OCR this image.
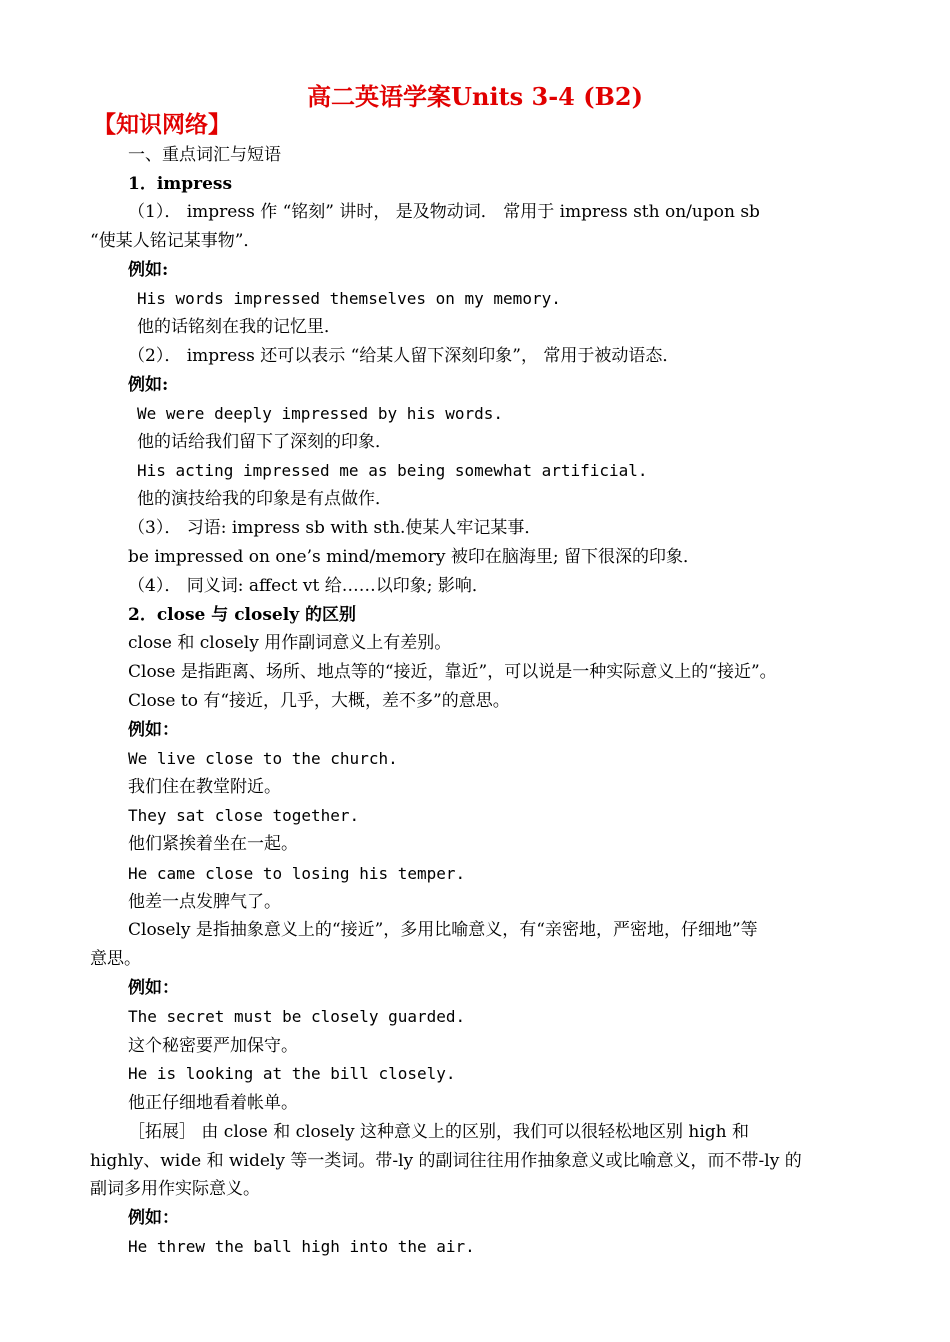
高二英语学案Units 3-4 (B2)
【知识网络】
一、重点词汇与短语
1．impress
（1）． impress 作 “铭刻” 讲时， 是及物动词． 常用于 impress sth on/upon sb
“使某人铭记某事物”．
例如:
His words impressed themselves on my memory.
他的话铭刻在我的记忆里．
（2）． impress 还可以表示 “给某人留下深刻印象”， 常用于被动语态．
例如:
We were deeply impressed by his words.
他的话给我们留下了深刻的印象．
His acting impressed me as being somewhat artificial.
他的演技给我的印象是有点做作．
（3）． 习语: impress sb with sth.使某人牢记某事．
be impressed on one’s mind/memory 被印在脑海里; 留下很深的印象．
（4）． 同义词: affect vt 给……以印象; 影响．
2．close 与 closely 的区别
close 和 closely 用作副词意义上有差别。
Close 是指距离、场所、地点等的“接近，靠近”，可以说是一种实际意义上的“接近”。
Close to 有“接近，几乎，大概，差不多”的意思。
例如：
We live close to the church.
我们住在教堂附近。
They sat close together.
他们紧挨着坐在一起。
He came close to losing his temper.
他差一点发脾气了。
Closely 是指抽象意义上的“接近”，多用比喻意义，有“亲密地，严密地，仔细地”等
意思。
例如：
The secret must be closely guarded.
这个秘密要严加保守。
He is looking at the bill closely.
他正仔细地看着帐单。
［拓展］ 由 close 和 closely 这种意义上的区别，我们可以很轻松地区别 high 和
highly、wide 和 widely 等一类词。带-ly 的副词往往用作抽象意义或比喻意义，而不带-ly 的
副词多用作实际意义。
例如：
He threw the ball high into the air.
